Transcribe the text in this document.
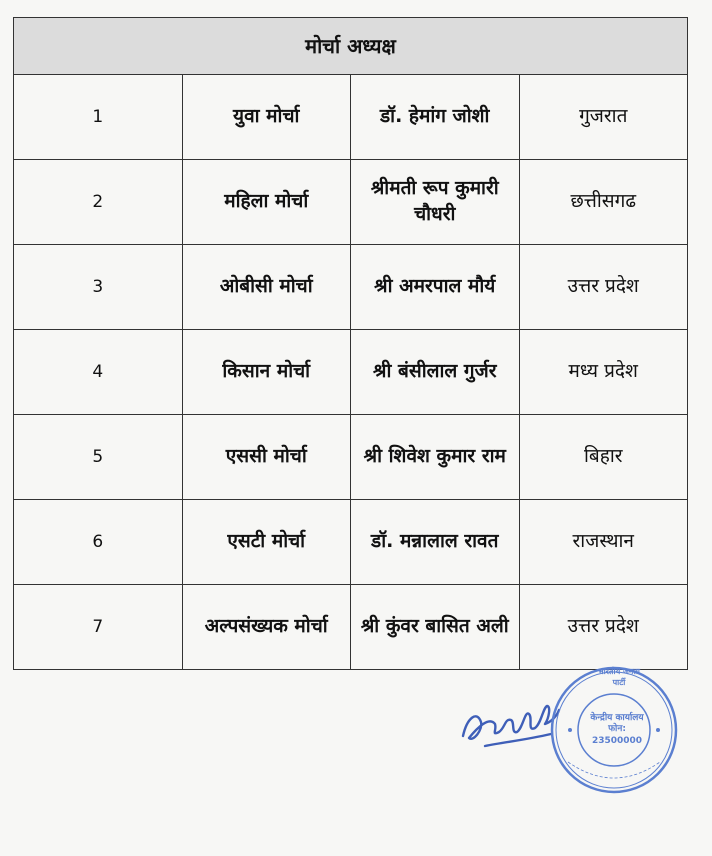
मोर्चा अध्यक्ष			
1	युवा मोर्चा	डॉ. हेमांग जोशी	गुजरात
2	महिला मोर्चा	श्रीमती रूप कुमारी चौधरी	छत्तीसगढ
3	ओबीसी मोर्चा	श्री अमरपाल मौर्य	उत्तर प्रदेश
4	किसान मोर्चा	श्री बंसीलाल गुर्जर	मध्य प्रदेश
5	एससी मोर्चा	श्री शिवेश कुमार राम	बिहार
6	एसटी मोर्चा	डॉ. मन्नालाल रावत	राजस्थान
7	अल्पसंख्यक मोर्चा	श्री कुंवर बासित अली	उत्तर प्रदेश
भारतीय जनता पार्टी
केन्द्रीय कार्यालय
फोन: 23500000
